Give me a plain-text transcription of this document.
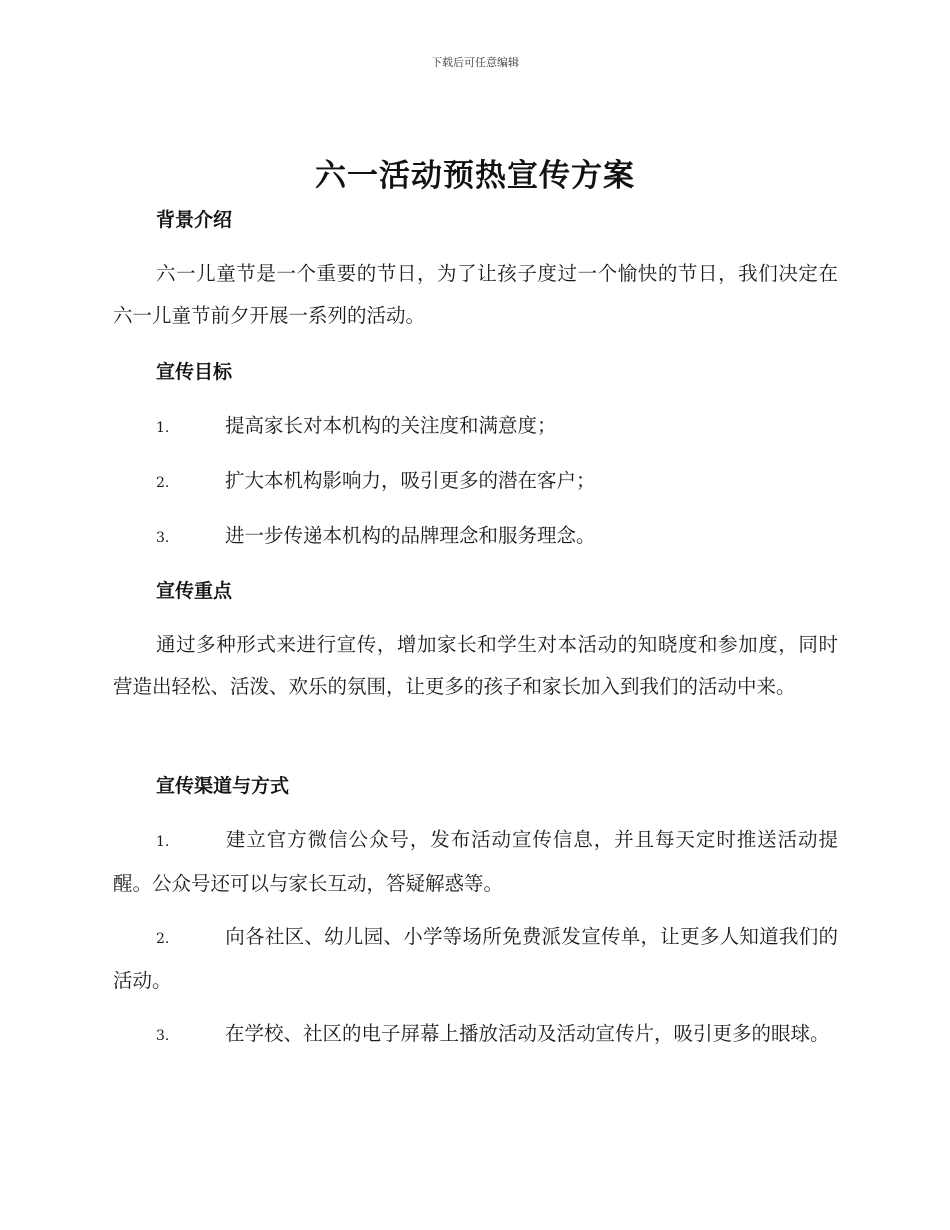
下载后可任意编辑
六一活动预热宣传方案
背景介绍
六一儿童节是一个重要的节日，为了让孩子度过一个愉快的节日，我们决定在六一儿童节前夕开展一系列的活动。
宣传目标
1.	提高家长对本机构的关注度和满意度；
2.	扩大本机构影响力，吸引更多的潜在客户；
3.	进一步传递本机构的品牌理念和服务理念。
宣传重点
通过多种形式来进行宣传，增加家长和学生对本活动的知晓度和参加度，同时营造出轻松、活泼、欢乐的氛围，让更多的孩子和家长加入到我们的活动中来。
宣传渠道与方式
1.	建立官方微信公众号，发布活动宣传信息，并且每天定时推送活动提醒。公众号还可以与家长互动，答疑解惑等。
2.	向各社区、幼儿园、小学等场所免费派发宣传单，让更多人知道我们的活动。
3.	在学校、社区的电子屏幕上播放活动及活动宣传片，吸引更多的眼球。
